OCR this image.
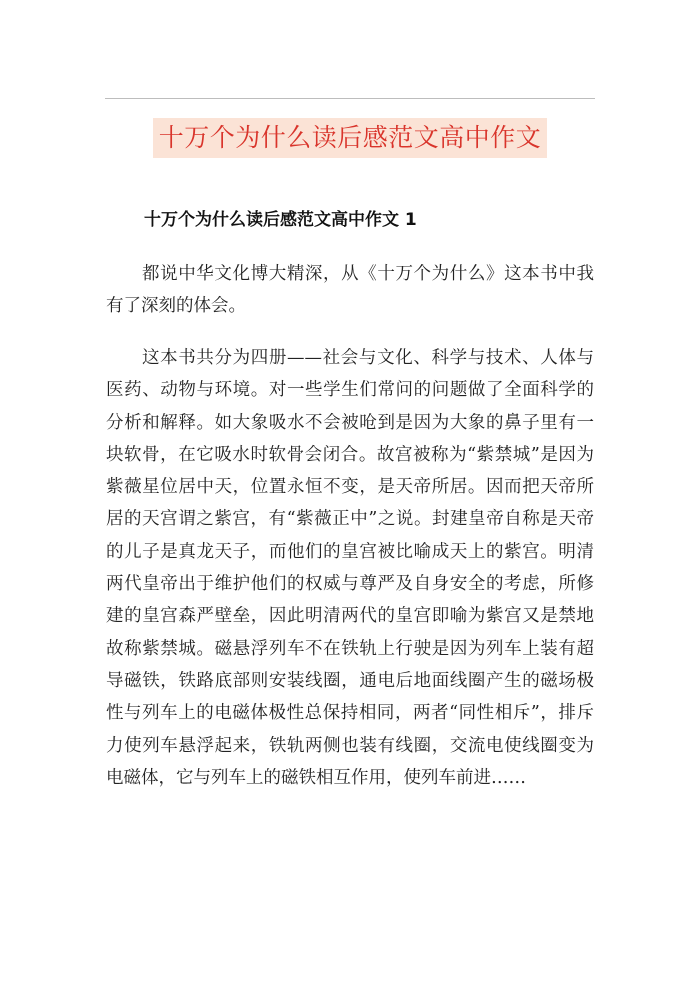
十万个为什么读后感范文高中作文
十万个为什么读后感范文高中作文 1

都说中华文化博大精深，从《十万个为什么》这本书中我有了深刻的体会。

这本书共分为四册——社会与文化、科学与技术、人体与医药、动物与环境。对一些学生们常问的问题做了全面科学的分析和解释。如大象吸水不会被呛到是因为大象的鼻子里有一块软骨，在它吸水时软骨会闭合。故宫被称为“紫禁城”是因为紫薇星位居中天，位置永恒不变，是天帝所居。因而把天帝所居的天宫谓之紫宫，有“紫薇正中”之说。封建皇帝自称是天帝的儿子是真龙天子，而他们的皇宫被比喻成天上的紫宫。明清两代皇帝出于维护他们的权威与尊严及自身安全的考虑，所修建的皇宫森严壁垒，因此明清两代的皇宫即喻为紫宫又是禁地故称紫禁城。磁悬浮列车不在铁轨上行驶是因为列车上装有超导磁铁，铁路底部则安装线圈，通电后地面线圈产生的磁场极性与列车上的电磁体极性总保持相同，两者“同性相斥”，排斥力使列车悬浮起来，铁轨两侧也装有线圈，交流电使线圈变为电磁体，它与列车上的磁铁相互作用，使列车前进……
